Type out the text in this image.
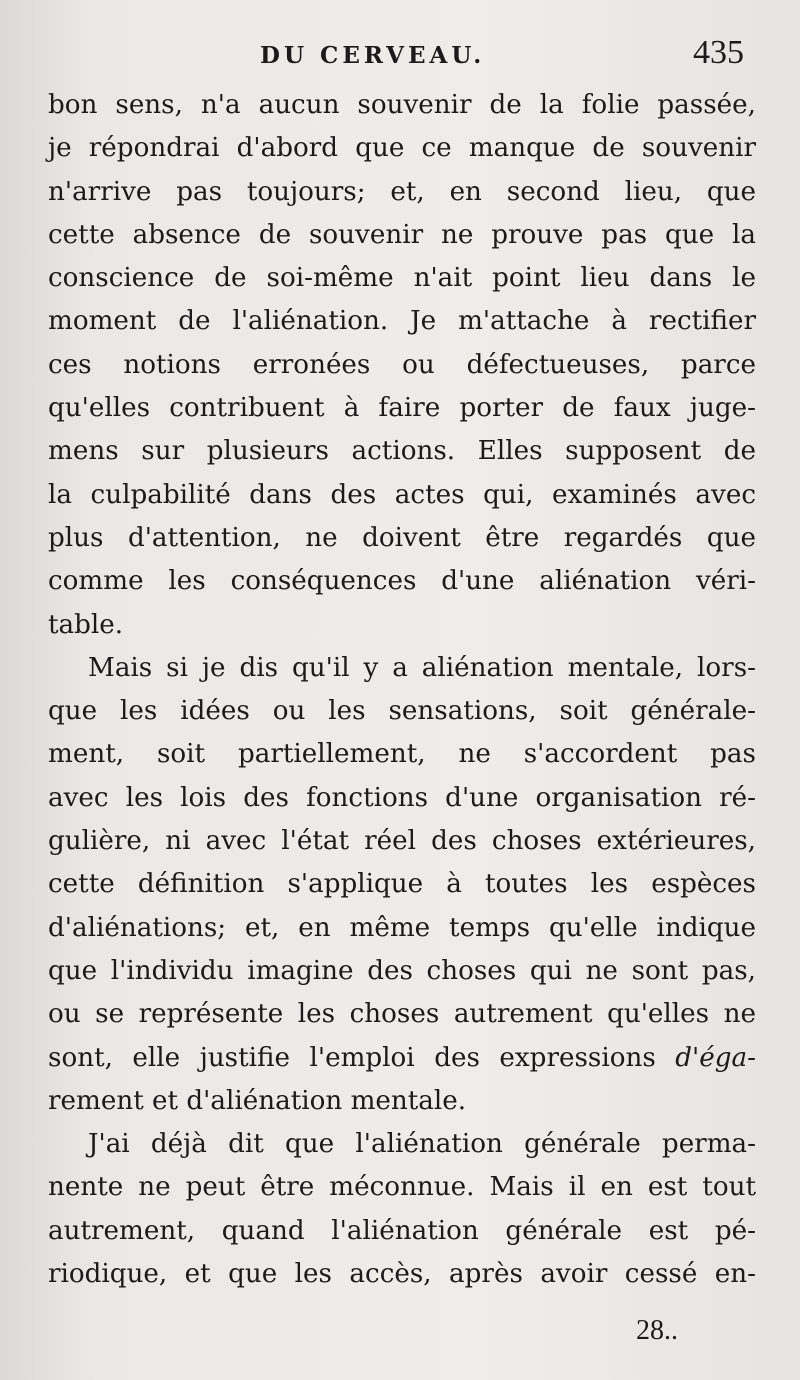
DU CERVEAU.	435
bon sens, n'a aucun souvenir de la folie passée,
je répondrai d'abord que ce manque de souvenir
n'arrive pas toujours; et, en second lieu, que
cette absence de souvenir ne prouve pas que la
conscience de soi-même n'ait point lieu dans le
moment de l'aliénation. Je m'attache à rectifier
ces notions erronées ou défectueuses, parce
qu'elles contribuent à faire porter de faux juge-
mens sur plusieurs actions. Elles supposent de
la culpabilité dans des actes qui, examinés avec
plus d'attention, ne doivent être regardés que
comme les conséquences d'une aliénation véri-
table.
Mais si je dis qu'il y a aliénation mentale, lors-
que les idées ou les sensations, soit générale-
ment, soit partiellement, ne s'accordent pas
avec les lois des fonctions d'une organisation ré-
gulière, ni avec l'état réel des choses extérieures,
cette définition s'applique à toutes les espèces
d'aliénations; et, en même temps qu'elle indique
que l'individu imagine des choses qui ne sont pas,
ou se représente les choses autrement qu'elles ne
sont, elle justifie l'emploi des expressions d'éga-
rement et d'aliénation mentale.
J'ai déjà dit que l'aliénation générale perma-
nente ne peut être méconnue. Mais il en est tout
autrement, quand l'aliénation générale est pé-
riodique, et que les accès, après avoir cessé en-
28..
